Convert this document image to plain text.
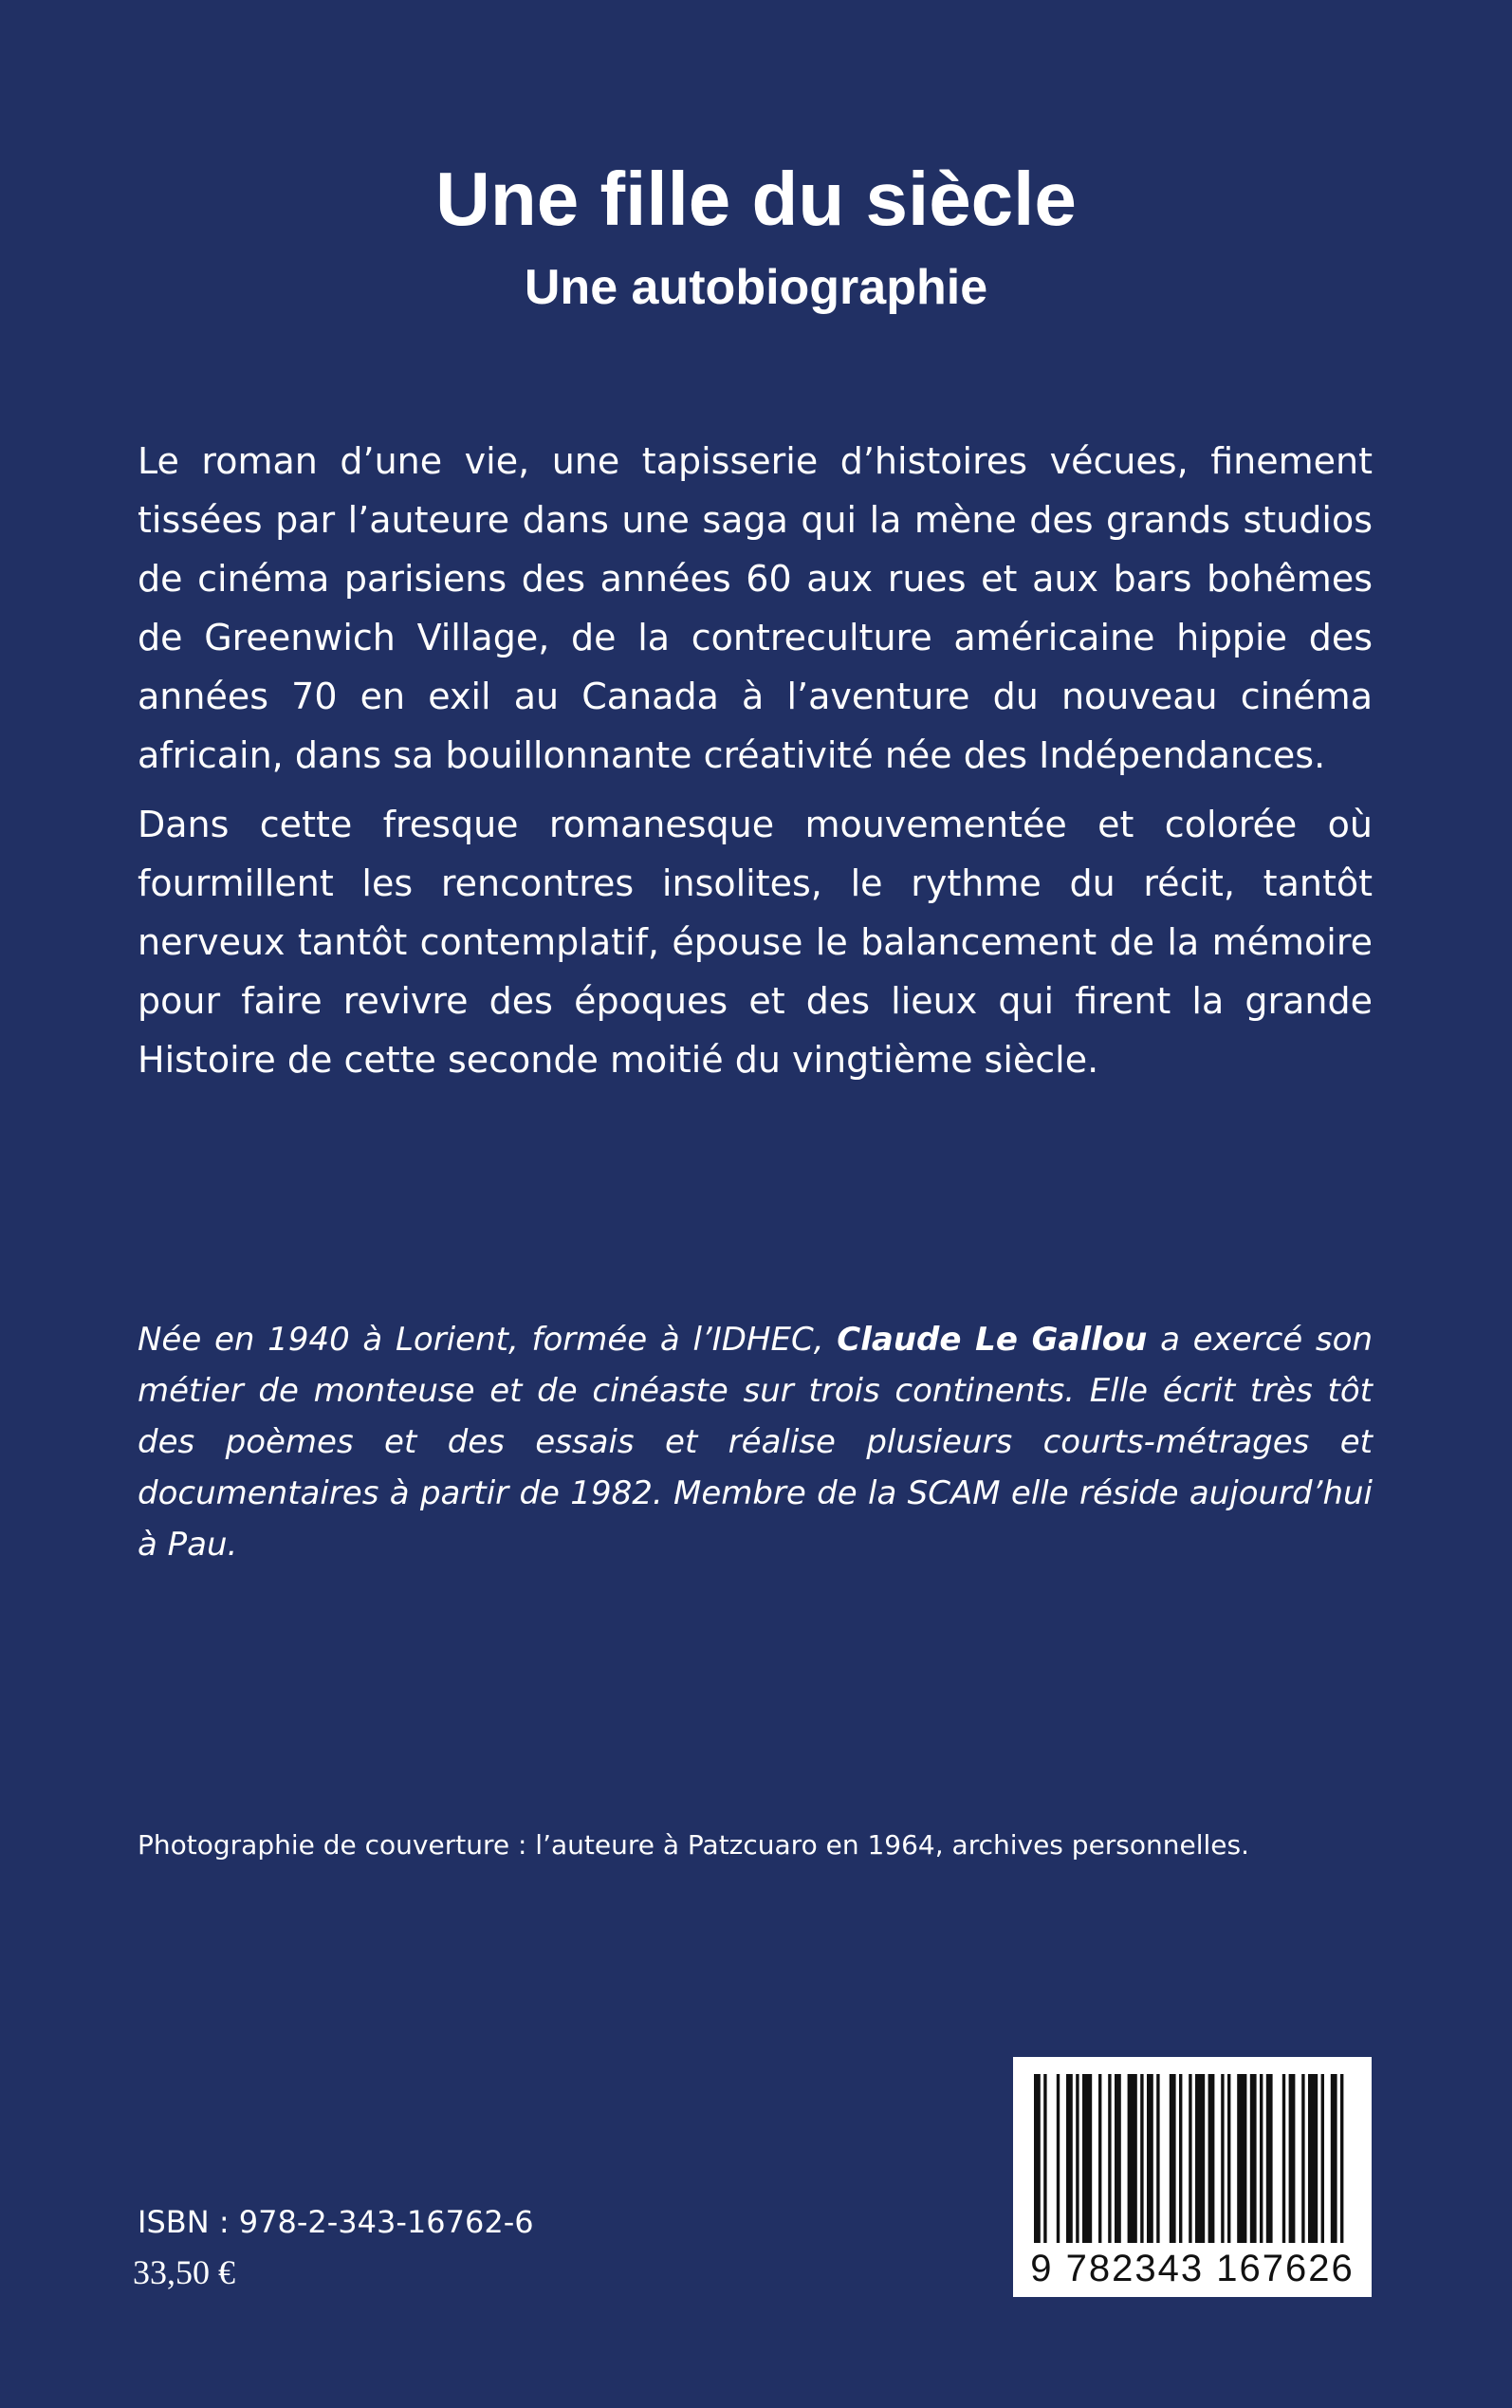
Une fille du siècle
Une autobiographie

Le roman d’une vie, une tapisserie d’histoires vécues, finement tissées par l’auteure dans une saga qui la mène des grands studios de cinéma parisiens des années 60 aux rues et aux bars bohêmes de Greenwich Village, de la contreculture américaine hippie des années 70 en exil au Canada à l’aventure du nouveau cinéma africain, dans sa bouillonnante créativité née des Indépendances.

Dans cette fresque romanesque mouvementée et colorée où fourmillent les rencontres insolites, le rythme du récit, tantôt nerveux tantôt contemplatif, épouse le balancement de la mémoire pour faire revivre des époques et des lieux qui firent la grande Histoire de cette seconde moitié du vingtième siècle.

Née en 1940 à Lorient, formée à l’IDHEC, Claude Le Gallou a exercé son métier de monteuse et de cinéaste sur trois continents. Elle écrit très tôt des poèmes et des essais et réalise plusieurs courts-métrages et documentaires à partir de 1982. Membre de la SCAM elle réside aujourd’hui à Pau.
Photographie de couverture : l’auteure à Patzcuaro en 1964, archives personnelles.
ISBN : 978-2-343-16762-6
33,50 €	9 782343 167626
